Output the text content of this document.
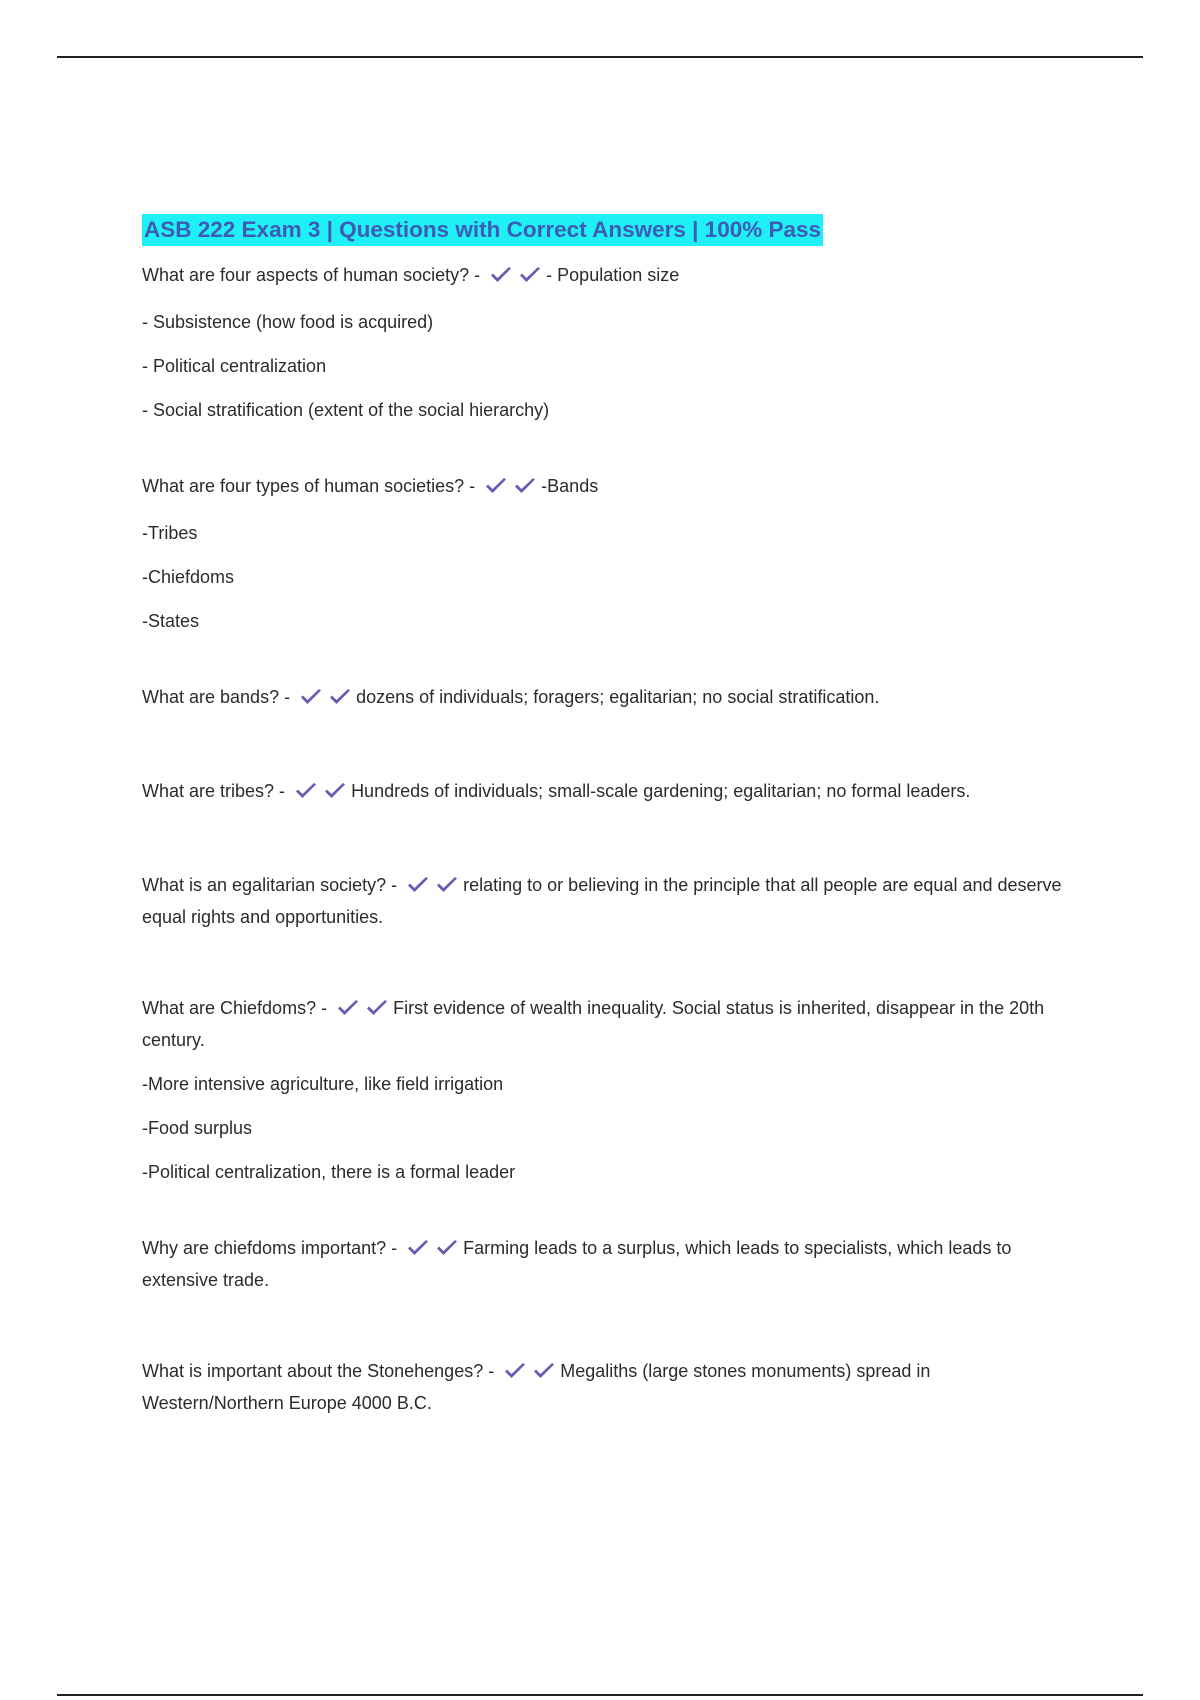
ASB 222 Exam 3 | Questions with Correct Answers | 100% Pass

What are four aspects of human society? -	- Population size

- Subsistence (how food is acquired)

- Political centralization

- Social stratification (extent of the social hierarchy)

What are four types of human societies? -	-Bands

-Tribes

-Chiefdoms

-States

What are bands? -	dozens of individuals; foragers; egalitarian; no social stratification.

What are tribes? -	Hundreds of individuals; small-scale gardening; egalitarian; no formal leaders.

What is an egalitarian society? -	relating to or believing in the principle that all people are equal and deserve equal rights and opportunities.

What are Chiefdoms? -	First evidence of wealth inequality. Social status is inherited, disappear in the 20th century.

-More intensive agriculture, like field irrigation

-Food surplus

-Political centralization, there is a formal leader

Why are chiefdoms important? -	Farming leads to a surplus, which leads to specialists, which leads to extensive trade.

What is important about the Stonehenges? -	Megaliths (large stones monuments) spread in Western/Northern Europe 4000 B.C.
